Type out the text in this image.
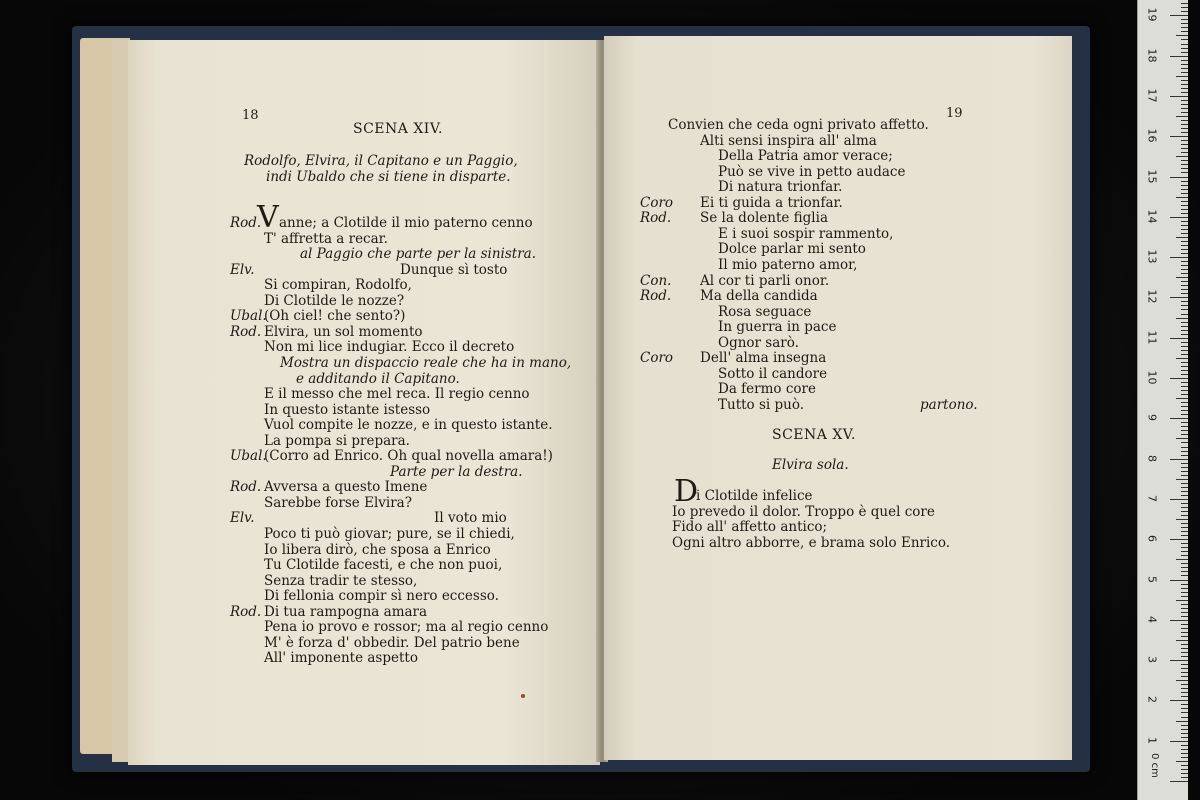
18
SCENA XIV.
Rodolfo, Elvira, il Capitano e un Paggio,
indi Ubaldo che si tiene in disparte.
Rod.
V anne; a Clotilde il mio paterno cenno
T' affretta a recar.
al Paggio che parte per la sinistra.
Elv.	Dunque sì tosto
Si compiran, Rodolfo,
Di Clotilde le nozze?
Ubal.
(Oh ciel! che sento?)
Rod. Elvira, un sol momento
Non mi lice indugiar. Ecco il decreto
Mostra un dispaccio reale che ha in mano,
e additando il Capitano.
E il messo che mel reca. Il regio cenno
In questo istante istesso
Vuol compite le nozze, e in questo istante.
La pompa si prepara.
Ubal.
(Corro ad Enrico. Oh qual novella amara!)
Parte per la destra.
Rod. Avversa a questo Imene
Sarebbe forse Elvira?
Elv.	Il voto mio
Poco ti può giovar; pure, se il chiedi,
Io libera dirò, che sposa a Enrico
Tu Clotilde facesti, e che non puoi,
Senza tradir te stesso,
Di fellonia compir sì nero eccesso.
Rod. Di tua rampogna amara
Pena io provo e rossor; ma al regio cenno
M' è forza d' obbedir. Del patrio bene
All' imponente aspetto
19
Convien che ceda ogni privato affetto.
Alti sensi inspira all' alma
Della Patria amor verace;
Può se vive in petto audace
Di natura trionfar.
Coro Ei ti guida a trionfar.
Rod. Se la dolente figlia
E i suoi sospir rammento,
Dolce parlar mi sento
Il mio paterno amor,
Con. Al cor ti parli onor.
Rod. Ma della candida
Rosa seguace
In guerra in pace
Ognor sarò.
Coro Dell' alma insegna
Sotto il candore
Da fermo core
Tutto si può.	partono.
SCENA XV.
Elvira sola.
D
i Clotilde infelice
Io prevedo il dolor. Troppo è quel core
Fido all' affetto antico;
Ogni altro abborre, e brama solo Enrico.
1
2
3
4
5
6
7
8
9
10
11
12
13
14
15
16
17
18
19
0 cm
